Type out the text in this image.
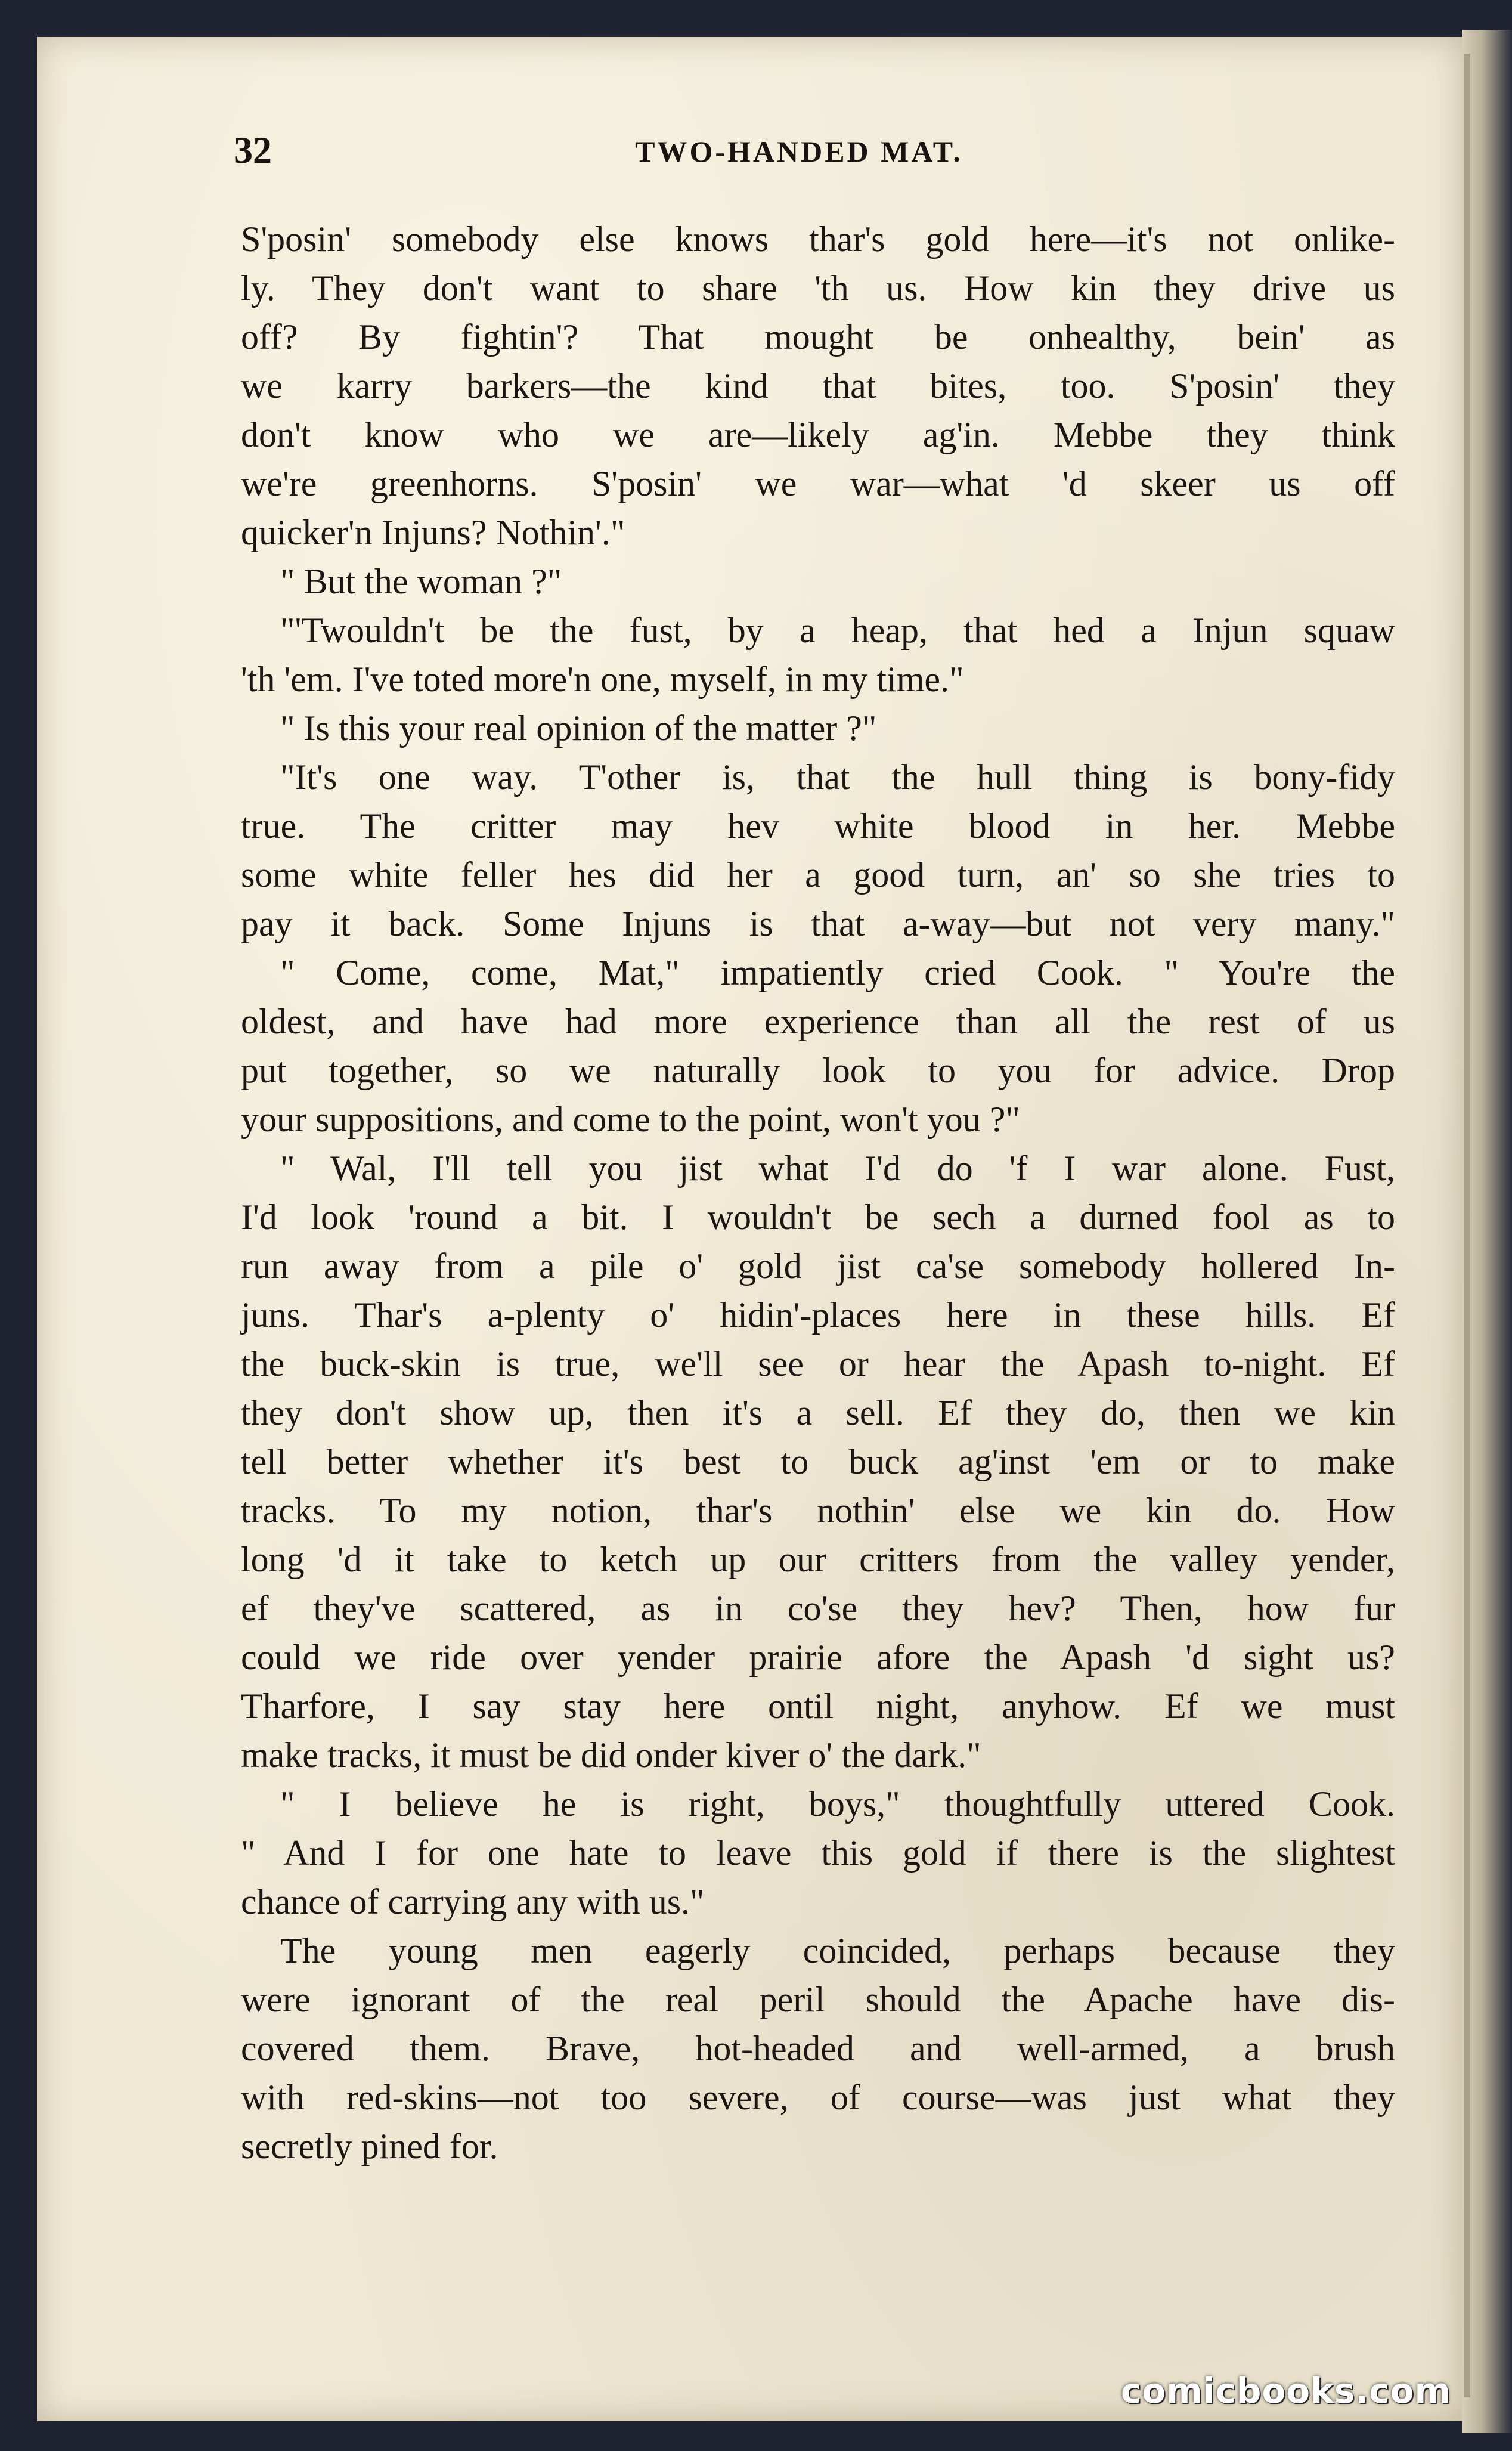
32	TWO-HANDED MAT.
S'posin' somebody else knows thar's gold here—it's not onlike-
ly. They don't want to share 'th us. How kin they drive us
off? By fightin'? That mought be onhealthy, bein' as
we karry barkers—the kind that bites, too. S'posin' they
don't know who we are—likely ag'in. Mebbe they think
we're greenhorns. S'posin' we war—what 'd skeer us off
quicker'n Injuns? Nothin'."
" But the woman ?"
"'Twouldn't be the fust, by a heap, that hed a Injun squaw
'th 'em. I've toted more'n one, myself, in my time."
" Is this your real opinion of the matter ?"
"It's one way. T'other is, that the hull thing is bony-fidy
true. The critter may hev white blood in her. Mebbe
some white feller hes did her a good turn, an' so she tries to
pay it back. Some Injuns is that a-way—but not very many."
" Come, come, Mat," impatiently cried Cook. " You're the
oldest, and have had more experience than all the rest of us
put together, so we naturally look to you for advice. Drop
your suppositions, and come to the point, won't you ?"
" Wal, I'll tell you jist what I'd do 'f I war alone. Fust,
I'd look 'round a bit. I wouldn't be sech a durned fool as to
run away from a pile o' gold jist ca'se somebody hollered In-
juns. Thar's a-plenty o' hidin'-places here in these hills. Ef
the buck-skin is true, we'll see or hear the Apash to-night. Ef
they don't show up, then it's a sell. Ef they do, then we kin
tell better whether it's best to buck ag'inst 'em or to make
tracks. To my notion, thar's nothin' else we kin do. How
long 'd it take to ketch up our critters from the valley yender,
ef they've scattered, as in co'se they hev? Then, how fur
could we ride over yender prairie afore the Apash 'd sight us?
Tharfore, I say stay here ontil night, anyhow. Ef we must
make tracks, it must be did onder kiver o' the dark."
" I believe he is right, boys," thoughtfully uttered Cook.
" And I for one hate to leave this gold if there is the slightest
chance of carrying any with us."
The young men eagerly coincided, perhaps because they
were ignorant of the real peril should the Apache have dis-
covered them. Brave, hot-headed and well-armed, a brush
with red-skins—not too severe, of course—was just what they
secretly pined for.
comicbooks.com
